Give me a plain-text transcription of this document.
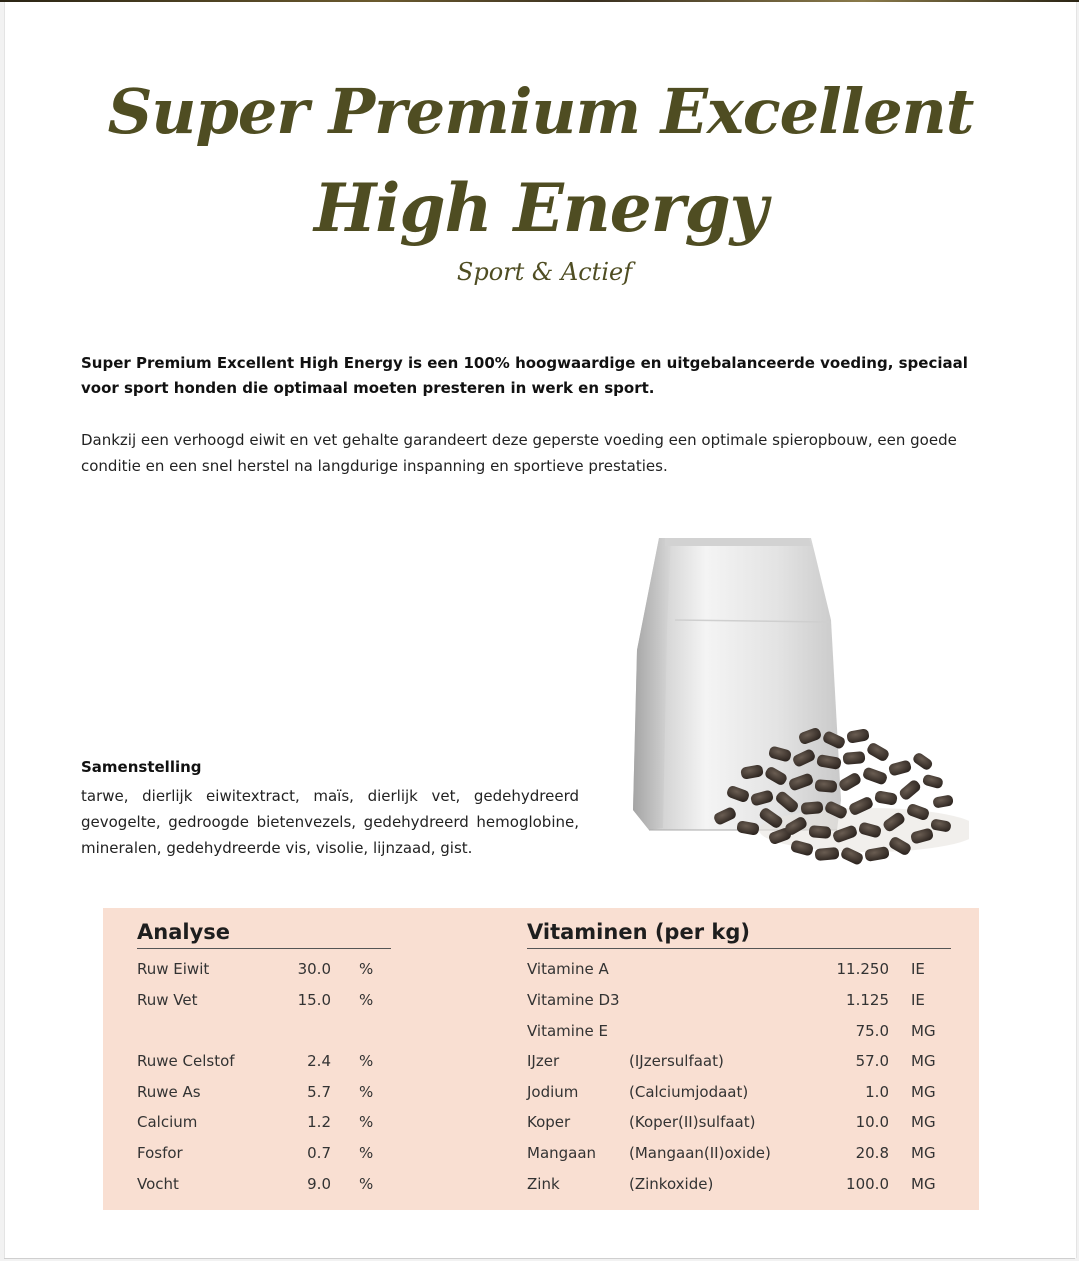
Super Premium Excellent
High Energy
Sport & Actief

Super Premium Excellent High Energy is een 100% hoogwaardige en uitgebalanceerde voeding, speciaal voor sport honden die optimaal moeten presteren in werk en sport.

Dankzij een verhoogd eiwit en vet gehalte garandeert deze geperste voeding een optimale spieropbouw, een goede conditie en een snel herstel na langdurige inspanning en sportieve prestaties.

Samenstelling

tarwe, dierlijk eiwitextract, maïs, dierlijk vet, gedehydreerd gevogelte, gedroogde bietenvezels, gedehydreerd hemoglobine, mineralen, gedehydreerde vis, visolie, lijnzaad, gist.

Analyse	Vitaminen (per kg)
Ruw Eiwit	30.0 %
Ruw Vet	15.0 %
Ruwe Celstof	2.4 %
Ruwe As	5.7 %
Calcium	1.2 %
Fosfor	0.7 %
Vocht	9.0 %
Vitamine A	11.250 IE
Vitamine D3	1.125 IE
Vitamine E	75.0 MG
IJzer	(IJzersulfaat)	57.0 MG
Jodium	(Calciumjodaat)	1.0 MG
Koper	(Koper(II)sulfaat)	10.0 MG
Mangaan (Mangaan(II)oxide)	20.8 MG
Zink	(Zinkoxide)	100.0 MG
